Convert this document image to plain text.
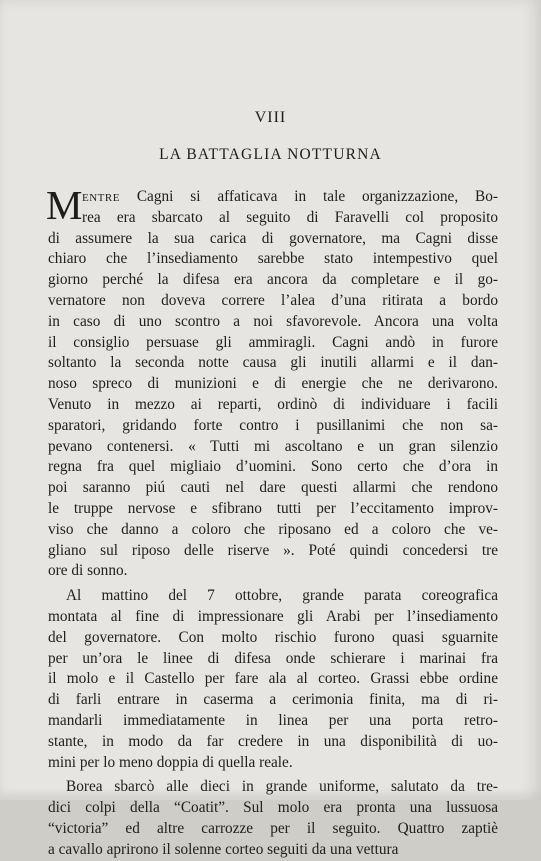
VIII
LA BATTAGLIA NOTTURNA
M entre Cagni si affaticava in tale organizzazione, Bo-
rea era sbarcato al seguito di Faravelli col proposito
di assumere la sua carica di governatore, ma Cagni disse
chiaro che l’insediamento sarebbe stato intempestivo quel
giorno perché la difesa era ancora da completare e il go-
vernatore non doveva correre l’alea d’una ritirata a bordo
in caso di uno scontro a noi sfavorevole. Ancora una volta
il consiglio persuase gli ammiragli. Cagni andò in furore
soltanto la seconda notte causa gli inutili allarmi e il dan-
noso spreco di munizioni e di energie che ne derivarono.
Venuto in mezzo ai reparti, ordinò di individuare i facili
sparatori, gridando forte contro i pusillanimi che non sa-
pevano contenersi. « Tutti mi ascoltano e un gran silenzio
regna fra quel migliaio d’uomini. Sono certo che d’ora in
poi saranno piú cauti nel dare questi allarmi che rendono
le truppe nervose e sfibrano tutti per l’eccitamento improv-
viso che danno a coloro che riposano ed a coloro che ve-
gliano sul riposo delle riserve ». Poté quindi concedersi tre
ore di sonno.
Al mattino del 7 ottobre, grande parata coreografica
montata al fine di impressionare gli Arabi per l’insediamento
del governatore. Con molto rischio furono quasi sguarnite
per un’ora le linee di difesa onde schierare i marinai fra
il molo e il Castello per fare ala al corteo. Grassi ebbe ordine
di farli entrare in caserma a cerimonia finita, ma di ri-
mandarli immediatamente in linea per una porta retro-
stante, in modo da far credere in una disponibilità di uo-
mini per lo meno doppia di quella reale.
Borea sbarcò alle dieci in grande uniforme, salutato da tre-
dici colpi della “Coatit”. Sul molo era pronta una lussuosa
“victoria” ed altre carrozze per il seguito. Quattro zaptiè
a cavallo aprirono il solenne corteo seguiti da una vettura
